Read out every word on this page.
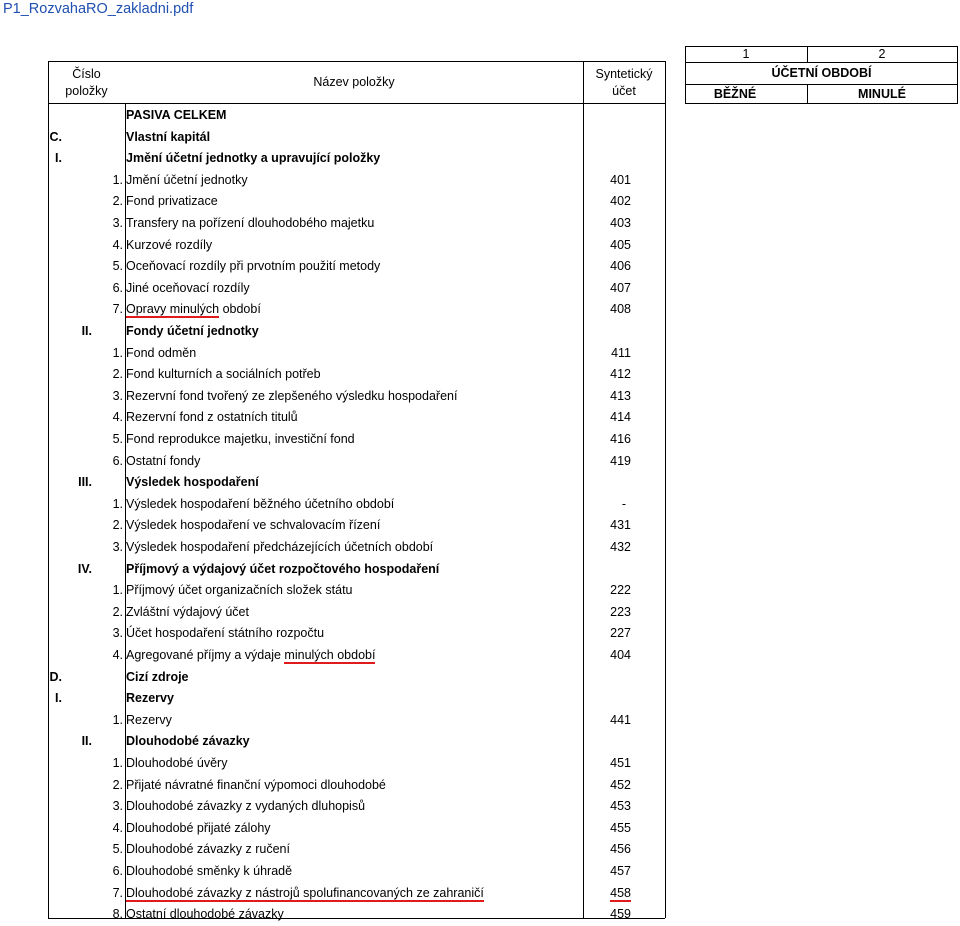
P1_RozvahaRO_zakladni.pdf
Číslo
položky
Název položky
Syntetický
účet
1	2
ÚČETNÍ OBDOBÍ
BĚŽNÉ	MINULÉ
PASIVA CELKEM
C.	Vlastní kapitál
I.	Jmění účetní jednotky a upravující položky
1. Jmění účetní jednotky	401
2. Fond privatizace	402
3. Transfery na pořízení dlouhodobého majetku	403
4. Kurzové rozdíly	405
5. Oceňovací rozdíly při prvotním použití metody	406
6. Jiné oceňovací rozdíly	407
7. Opravy minulých období	408
II.	Fondy účetní jednotky
1. Fond odměn	411
2. Fond kulturních a sociálních potřeb	412
3. Rezervní fond tvořený ze zlepšeného výsledku hospodaření	413
4. Rezervní fond z ostatních titulů	414
5. Fond reprodukce majetku, investiční fond	416
6. Ostatní fondy	419
III.	Výsledek hospodaření
1. Výsledek hospodaření běžného účetního období	-
2. Výsledek hospodaření ve schvalovacím řízení	431
3. Výsledek hospodaření předcházejících účetních období	432
IV.	Příjmový a výdajový účet rozpočtového hospodaření
1. Příjmový účet organizačních složek státu	222
2. Zvláštní výdajový účet	223
3. Účet hospodaření státního rozpočtu	227
4. Agregované příjmy a výdaje minulých období	404
D.	Cizí zdroje
I.	Rezervy
1. Rezervy	441
II.	Dlouhodobé závazky
1. Dlouhodobé úvěry	451
2. Přijaté návratné finanční výpomoci dlouhodobé	452
3. Dlouhodobé závazky z vydaných dluhopisů	453
4. Dlouhodobé přijaté zálohy	455
5. Dlouhodobé závazky z ručení	456
6. Dlouhodobé směnky k úhradě	457
7. Dlouhodobé závazky z nástrojů spolufinancovaných ze zahraničí	458
8. Ostatní dlouhodobé závazky	459
